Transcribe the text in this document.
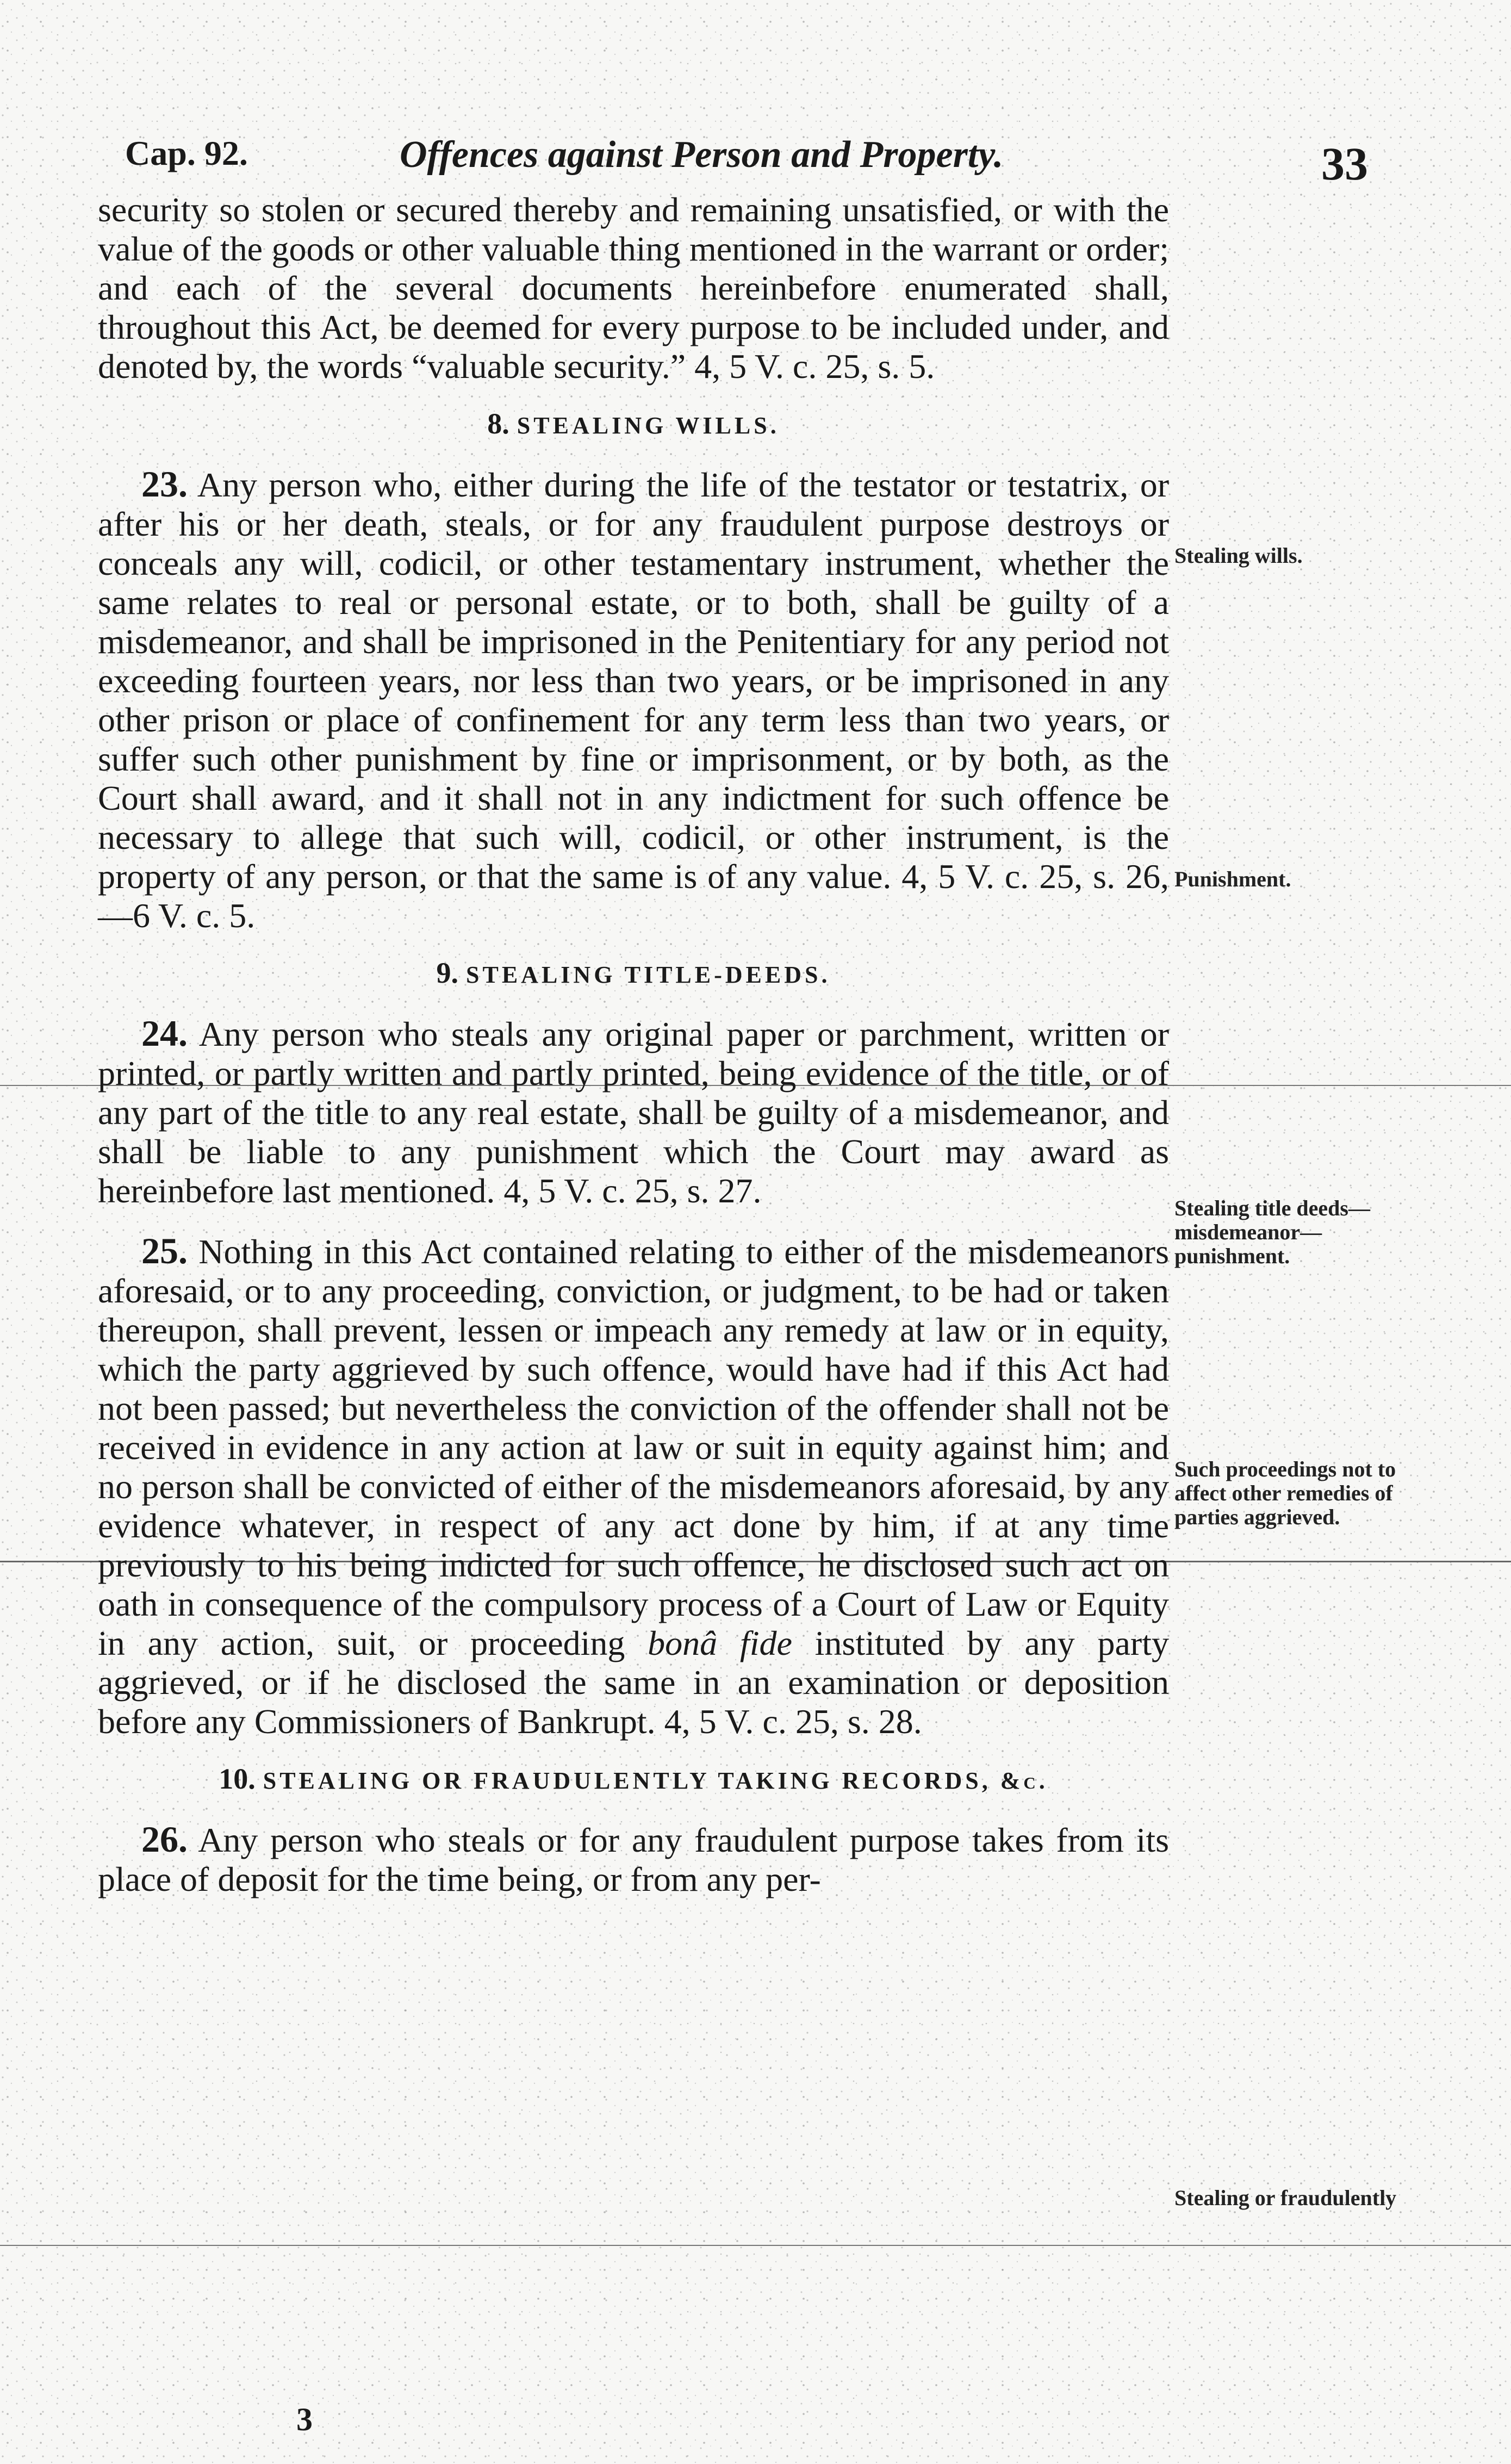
Cap. 92.	Offences against Person and Property.	33

security so stolen or secured thereby and remaining unsatisfied, or with the value of the goods or other valuable thing mentioned in the warrant or order; and each of the several documents hereinbefore enumerated shall, throughout this Act, be deemed for every purpose to be included under, and denoted by, the words “valuable security.” 4, 5 V. c. 25, s. 5.

8. STEALING WILLS.

23. Any person who, either during the life of the testator or testatrix, or after his or her death, steals, or for any fraudulent purpose destroys or conceals any will, codicil, or other testamentary instrument, whether the same relates to real or personal estate, or to both, shall be guilty of a misdemeanor, and shall be imprisoned in the Penitentiary for any period not exceeding fourteen years, nor less than two years, or be imprisoned in any other prison or place of confinement for any term less than two years, or suffer such other punishment by fine or imprisonment, or by both, as the Court shall award, and it shall not in any indictment for such offence be necessary to allege that such will, codicil, or other instrument, is the property of any person, or that the same is of any value. 4, 5 V. c. 25, s. 26,—6 V. c. 5.

9. STEALING TITLE-DEEDS.

24. Any person who steals any original paper or parchment, written or printed, or partly written and partly printed, being evidence of the title, or of any part of the title to any real estate, shall be guilty of a misdemeanor, and shall be liable to any punishment which the Court may award as hereinbefore last mentioned. 4, 5 V. c. 25, s. 27.

25. Nothing in this Act contained relating to either of the misdemeanors aforesaid, or to any proceeding, conviction, or judgment, to be had or taken thereupon, shall prevent, lessen or impeach any remedy at law or in equity, which the party aggrieved by such offence, would have had if this Act had not been passed; but nevertheless the conviction of the offender shall not be received in evidence in any action at law or suit in equity against him; and no person shall be convicted of either of the misdemeanors aforesaid, by any evidence whatever, in respect of any act done by him, if at any time previously to his being indicted for such offence, he disclosed such act on oath in consequence of the compulsory process of a Court of Law or Equity in any action, suit, or proceeding bonâ fide instituted by any party aggrieved, or if he disclosed the same in an examination or deposition before any Commissioners of Bankrupt. 4, 5 V. c. 25, s. 28.

10. STEALING OR FRAUDULENTLY TAKING RECORDS, &c.

26. Any person who steals or for any fraudulent purpose takes from its place of deposit for the time being, or from any per-

Stealing wills.
Punishment.
Stealing title deeds—misdemeanor—punishment.
Such proceedings not to affect other remedies of parties aggrieved.
Stealing or fraudulently
3
